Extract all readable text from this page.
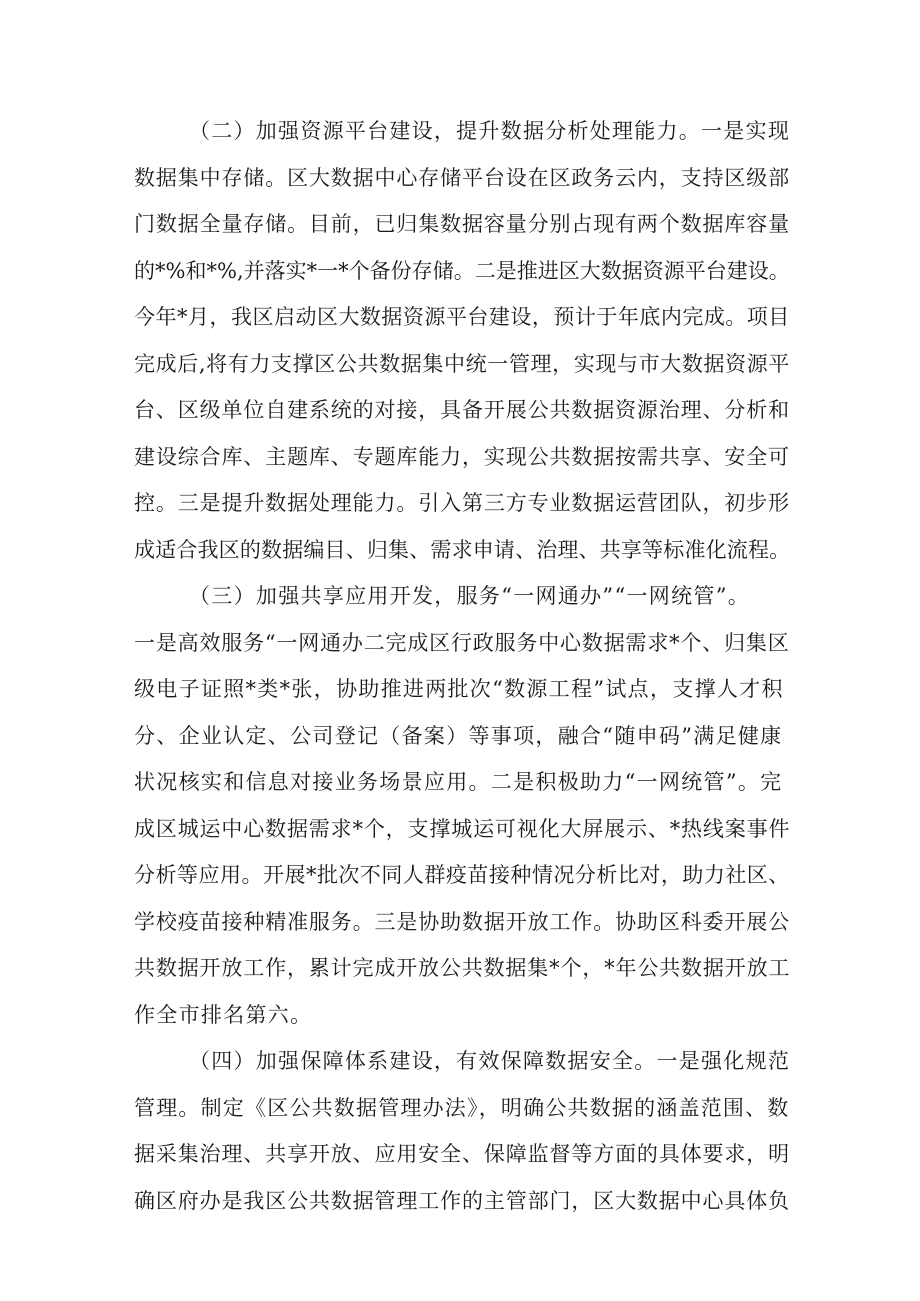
（二）加强资源平台建设，提升数据分析处理能力。一是实现
数据集中存储。区大数据中心存储平台设在区政务云内，支持区级部
门数据全量存储。目前，已归集数据容量分别占现有两个数据库容量
的*%和*%,并落实*一*个备份存储。二是推进区大数据资源平台建设。
今年*月，我区启动区大数据资源平台建设，预计于年底内完成。项目
完成后,将有力支撑区公共数据集中统一管理，实现与市大数据资源平
台、区级单位自建系统的对接，具备开展公共数据资源治理、分析和
建设综合库、主题库、专题库能力，实现公共数据按需共享、安全可
控。三是提升数据处理能力。引入第三方专业数据运营团队，初步形
成适合我区的数据编目、归集、需求申请、治理、共享等标准化流程。
（三）加强共享应用开发，服务“一网通办”“一网统管”。
一是高效服务“一网通办二完成区行政服务中心数据需求*个、归集区
级电子证照*类*张，协助推进两批次“数源工程”试点，支撑人才积
分、企业认定、公司登记（备案）等事项，融合“随申码”满足健康
状况核实和信息对接业务场景应用。二是积极助力“一网统管”。完
成区城运中心数据需求*个，支撑城运可视化大屏展示、*热线案事件
分析等应用。开展*批次不同人群疫苗接种情况分析比对，助力社区、
学校疫苗接种精准服务。三是协助数据开放工作。协助区科委开展公
共数据开放工作，累计完成开放公共数据集*个，*年公共数据开放工
作全市排名第六。
（四）加强保障体系建设，有效保障数据安全。一是强化规范
管理。制定《区公共数据管理办法》，明确公共数据的涵盖范围、数
据采集治理、共享开放、应用安全、保障监督等方面的具体要求，明
确区府办是我区公共数据管理工作的主管部门，区大数据中心具体负
